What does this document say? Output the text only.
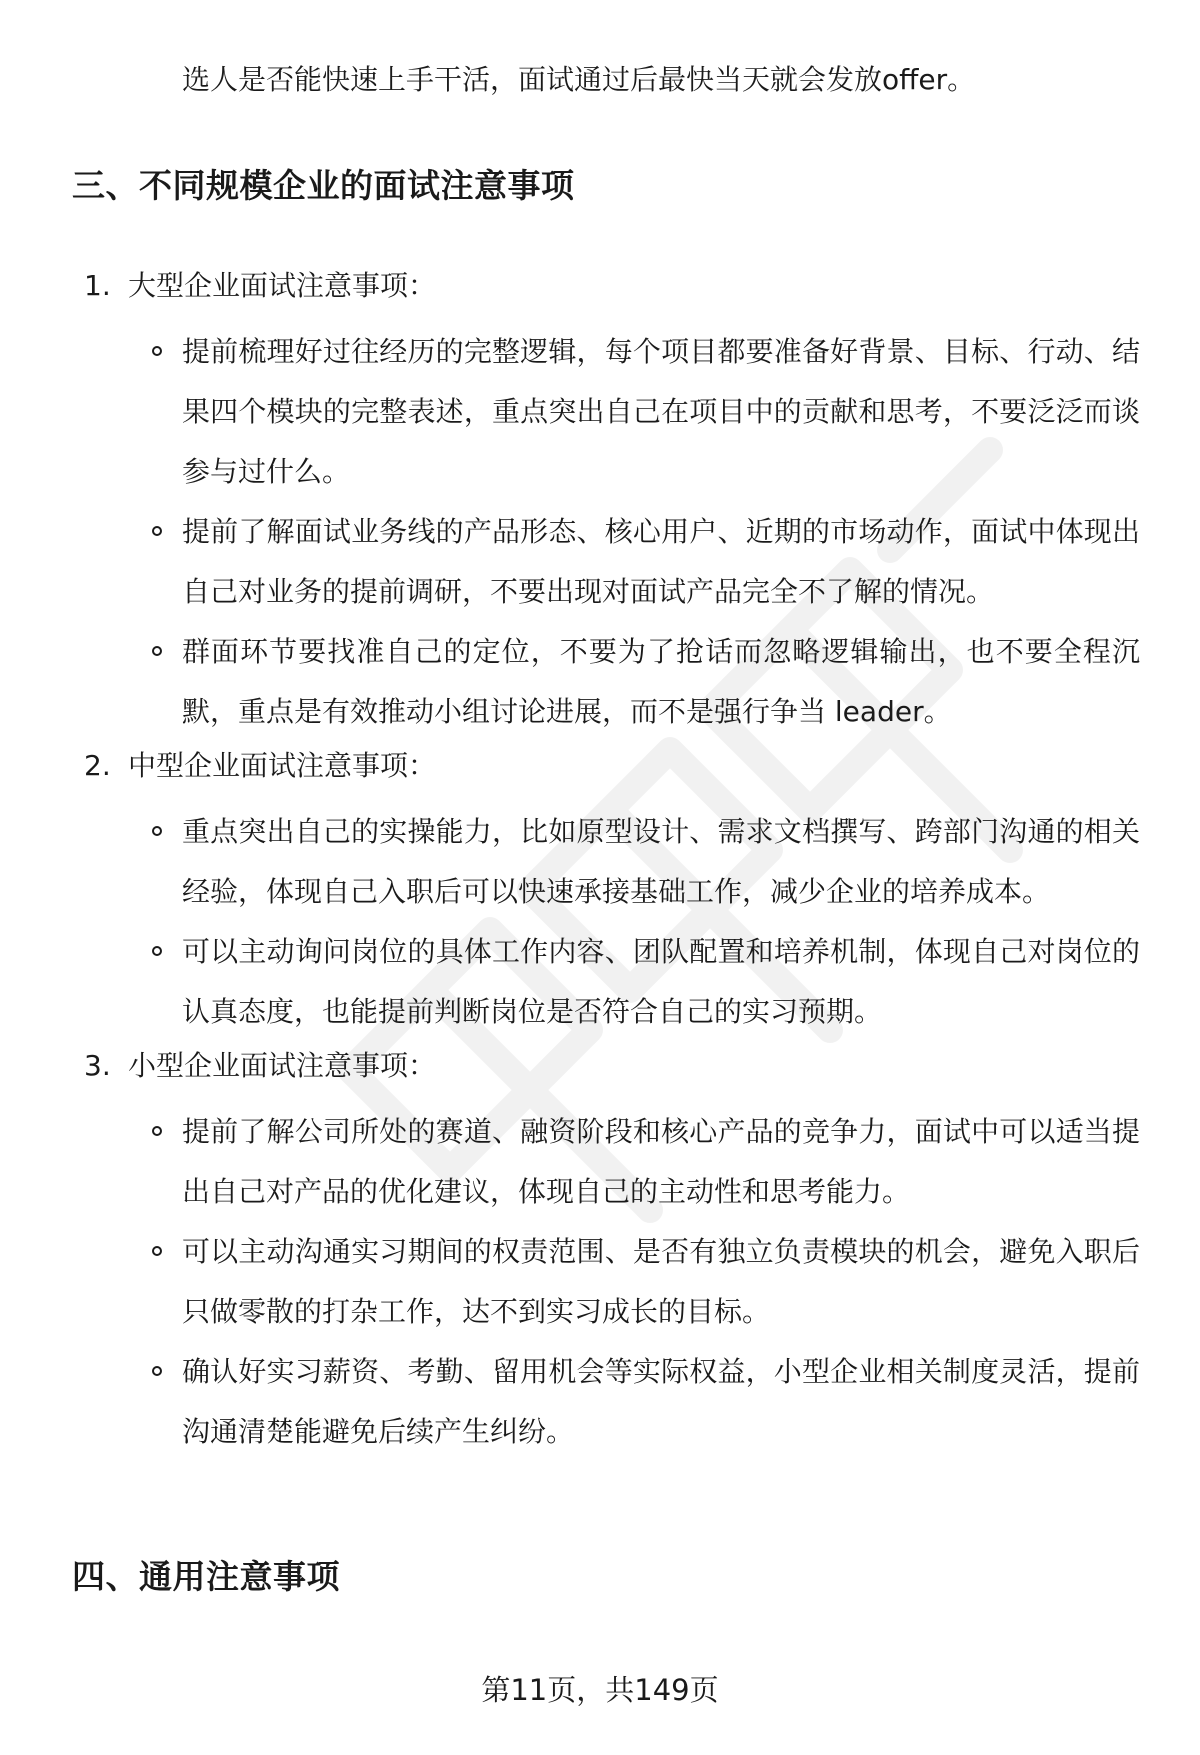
选人是否能快速上手干活，面试通过后最快当天就会发放offer。

三、不同规模企业的面试注意事项
1. 大型企业面试注意事项：
提前梳理好过往经历的完整逻辑，每个项目都要准备好背景、目标、行动、结果四个模块的完整表述，重点突出自己在项目中的贡献和思考，不要泛泛而谈参与过什么。
提前了解面试业务线的产品形态、核心用户、近期的市场动作，面试中体现出自己对业务的提前调研，不要出现对面试产品完全不了解的情况。
群面环节要找准自己的定位，不要为了抢话而忽略逻辑输出，也不要全程沉默，重点是有效推动小组讨论进展，而不是强行争当 leader。
2. 中型企业面试注意事项：
重点突出自己的实操能力，比如原型设计、需求文档撰写、跨部门沟通的相关经验，体现自己入职后可以快速承接基础工作，减少企业的培养成本。
可以主动询问岗位的具体工作内容、团队配置和培养机制，体现自己对岗位的认真态度，也能提前判断岗位是否符合自己的实习预期。
3. 小型企业面试注意事项：
提前了解公司所处的赛道、融资阶段和核心产品的竞争力，面试中可以适当提出自己对产品的优化建议，体现自己的主动性和思考能力。
可以主动沟通实习期间的权责范围、是否有独立负责模块的机会，避免入职后只做零散的打杂工作，达不到实习成长的目标。
确认好实习薪资、考勤、留用机会等实际权益，小型企业相关制度灵活，提前沟通清楚能避免后续产生纠纷。
四、通用注意事项
第11页，共149页
